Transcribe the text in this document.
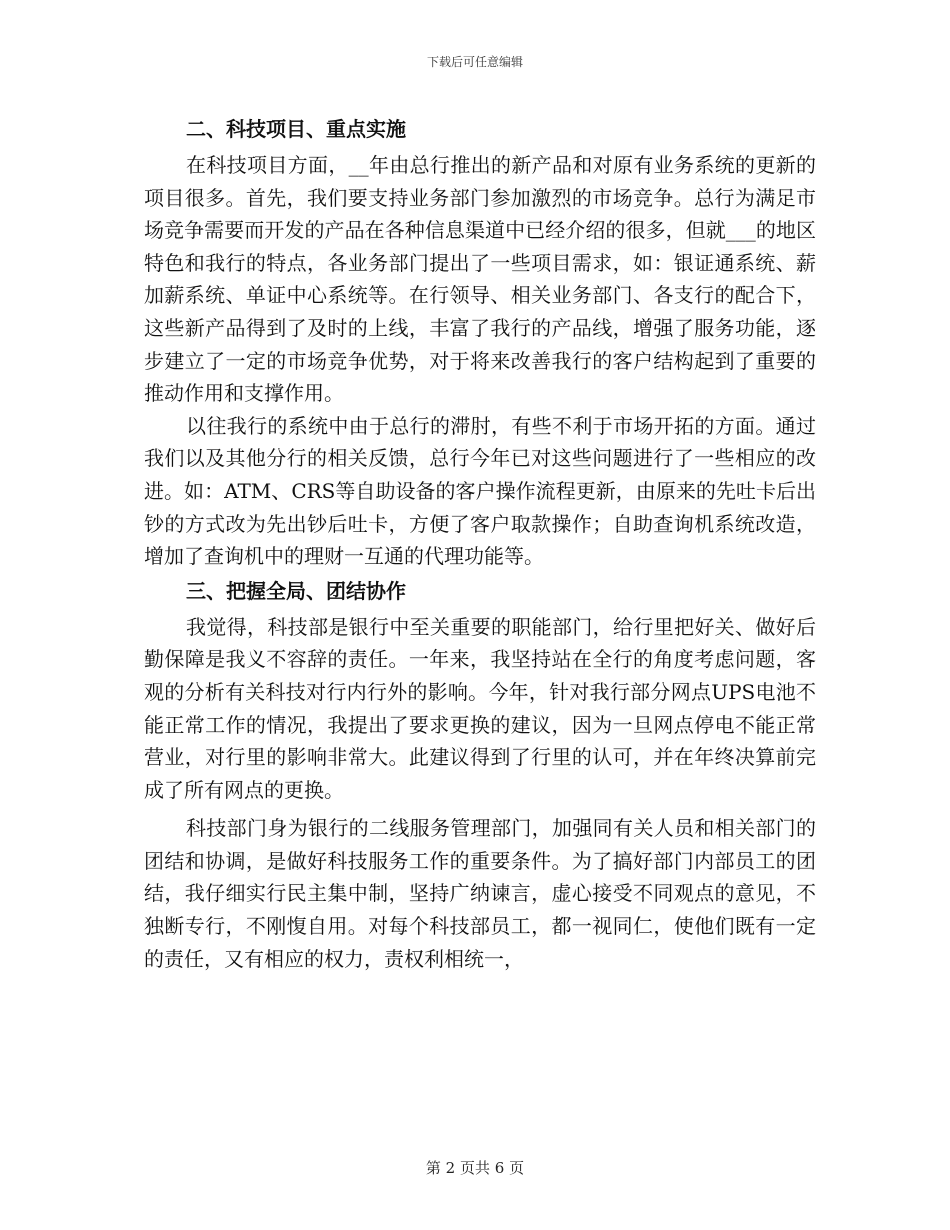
下载后可任意编辑
二、科技项目、重点实施

在科技项目方面，__年由总行推出的新产品和对原有业务系统的更新的项目很多。首先，我们要支持业务部门参加激烈的市场竞争。总行为满足市场竞争需要而开发的产品在各种信息渠道中已经介绍的很多，但就___的地区特色和我行的特点，各业务部门提出了一些项目需求，如：银证通系统、薪加薪系统、单证中心系统等。在行领导、相关业务部门、各支行的配合下，这些新产品得到了及时的上线，丰富了我行的产品线，增强了服务功能，逐步建立了一定的市场竞争优势，对于将来改善我行的客户结构起到了重要的推动作用和支撑作用。

以往我行的系统中由于总行的滞肘，有些不利于市场开拓的方面。通过我们以及其他分行的相关反馈，总行今年已对这些问题进行了一些相应的改进。如：ATM、CRS等自助设备的客户操作流程更新，由原来的先吐卡后出钞的方式改为先出钞后吐卡，方便了客户取款操作；自助查询机系统改造，增加了查询机中的理财一互通的代理功能等。

三、把握全局、团结协作

我觉得，科技部是银行中至关重要的职能部门，给行里把好关、做好后勤保障是我义不容辞的责任。一年来，我坚持站在全行的角度考虑问题，客观的分析有关科技对行内行外的影响。今年，针对我行部分网点UPS电池不能正常工作的情况，我提出了要求更换的建议，因为一旦网点停电不能正常营业，对行里的影响非常大。此建议得到了行里的认可，并在年终决算前完成了所有网点的更换。

科技部门身为银行的二线服务管理部门，加强同有关人员和相关部门的团结和协调，是做好科技服务工作的重要条件。为了搞好部门内部员工的团结，我仔细实行民主集中制，坚持广纳谏言，虚心接受不同观点的意见，不独断专行，不刚愎自用。对每个科技部员工，都一视同仁，使他们既有一定的责任，又有相应的权力，责权利相统一，

第 2 页共 6 页
